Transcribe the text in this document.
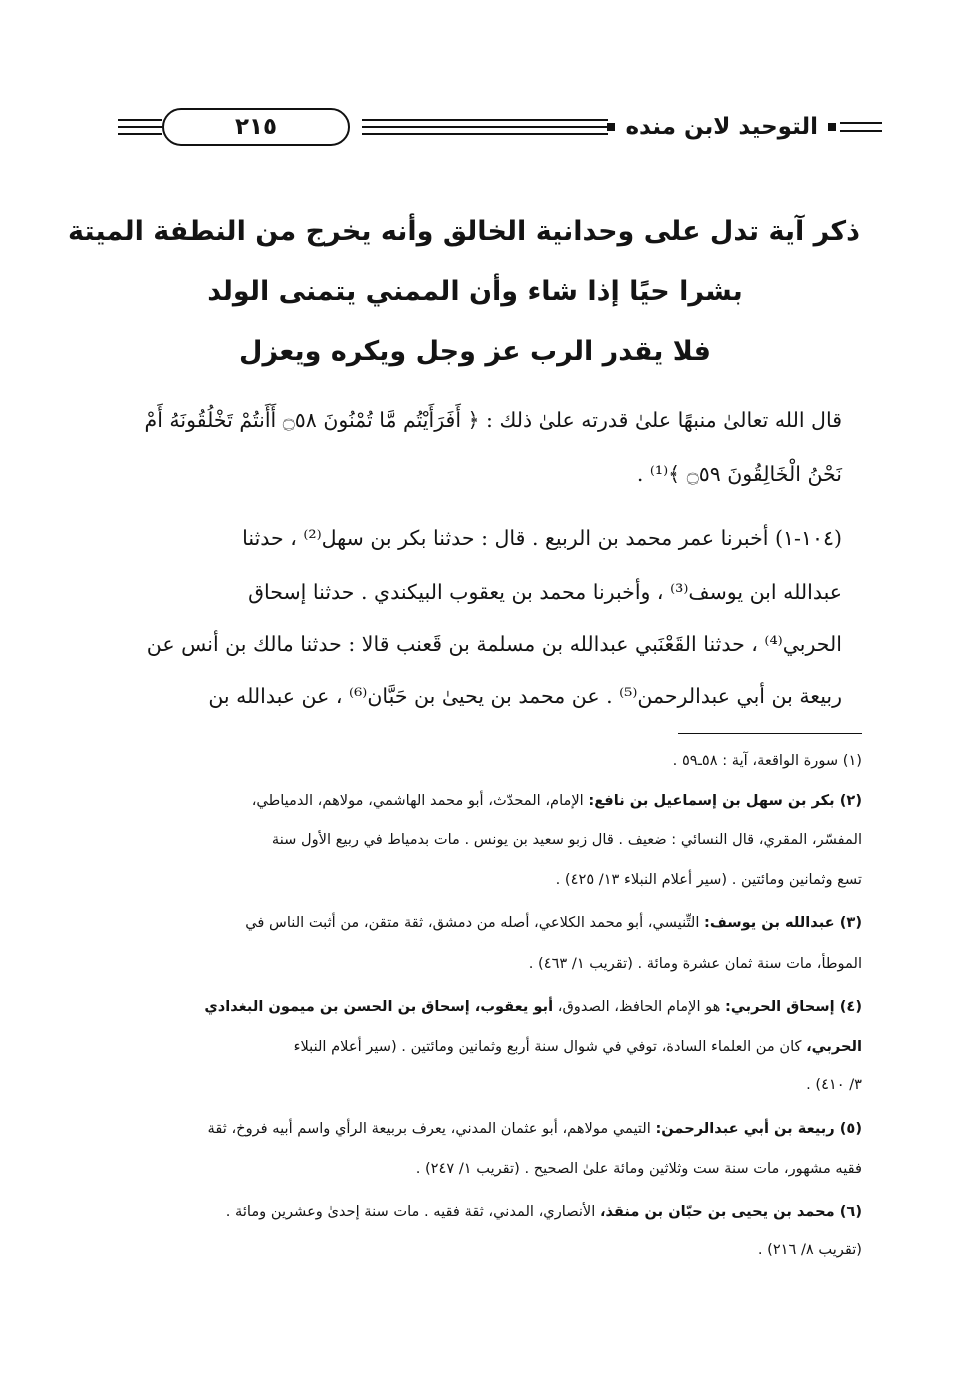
٢١٥	التوحيد لابن منده
ذكر آية تدل على وحدانية الخالق وأنه يخرج من النطفة الميتة
بشرا حيًا إذا شاء وأن الممني يتمنى الولد
فلا يقدر الرب عز وجل ويكره ويعزل
قال الله تعالىٰ منبهًا علىٰ قدرته علىٰ ذلك : ﴿ أَفَرَأَيْتُم مَّا تُمْنُونَ ۝٥٨ أَأَنتُمْ تَخْلُقُونَهُ أَمْ
نَحْنُ الْخَالِقُونَ ۝٥٩ ﴾⁽¹⁾ .
(١٠٤-١) أخبرنا عمر محمد بن الربيع . قال : حدثنا بكر بن سهل⁽²⁾ ، حدثنا
عبدالله ابن يوسف⁽³⁾ ، وأخبرنا محمد بن يعقوب البيكندي . حدثنا إسحاق
الحربي⁽⁴⁾ ، حدثنا القَعْنَبي عبدالله بن مسلمة بن قَعنب قالا : حدثنا مالك بن أنس عن
ربيعة بن أبي عبدالرحمن⁽⁵⁾ . عن محمد بن يحيىٰ بن حَبَّان⁽⁶⁾ ، عن عبدالله بن
(١) سورة الواقعة، آية : ٥٨ـ٥٩ .
(٢) بكر بن سهل بن إسماعيل بن نافع: الإمام، المحدّث، أبو محمد الهاشمي، مولاهم، الدمياطي،
المفسّر، المقري، قال النسائي : ضعيف . قال زبو سعيد بن يونس . مات بدمياط في ربيع الأول سنة
تسع وثمانين ومائتين . (سير أعلام النبلاء ١٣/ ٤٢٥) .
(٣) عبدالله بن يوسف: التِّنيسي، أبو محمد الكلاعي، أصله من دمشق، ثقة متقن، من أثبت الناس في
الموطأ، مات سنة ثمان عشرة ومائة . (تقريب ١/ ٤٦٣) .
(٤) إسحاق الحربي: هو الإمام الحافظ، الصدوق، أبو يعقوب، إسحاق بن الحسن بن ميمون البغدادي
الحربي، كان من العلماء السادة، توفي في شوال سنة أربع وثمانين ومائتين . (سير أعلام النبلاء
٣/ ٤١٠) .
(٥) ربيعة بن أبي عبدالرحمن: التيمي مولاهم، أبو عثمان المدني، يعرف بربيعة الرأي واسم أبيه فروخ، ثقة
فقيه مشهور، مات سنة ست وثلاثين ومائة علىٰ الصحيح . (تقريب ١/ ٢٤٧) .
(٦) محمد بن يحيى بن حبّان بن منقذ، الأنصاري، المدني، ثقة فقيه . مات سنة إحدىٰ وعشرين ومائة .
(تقريب ٨/ ٢١٦) .
